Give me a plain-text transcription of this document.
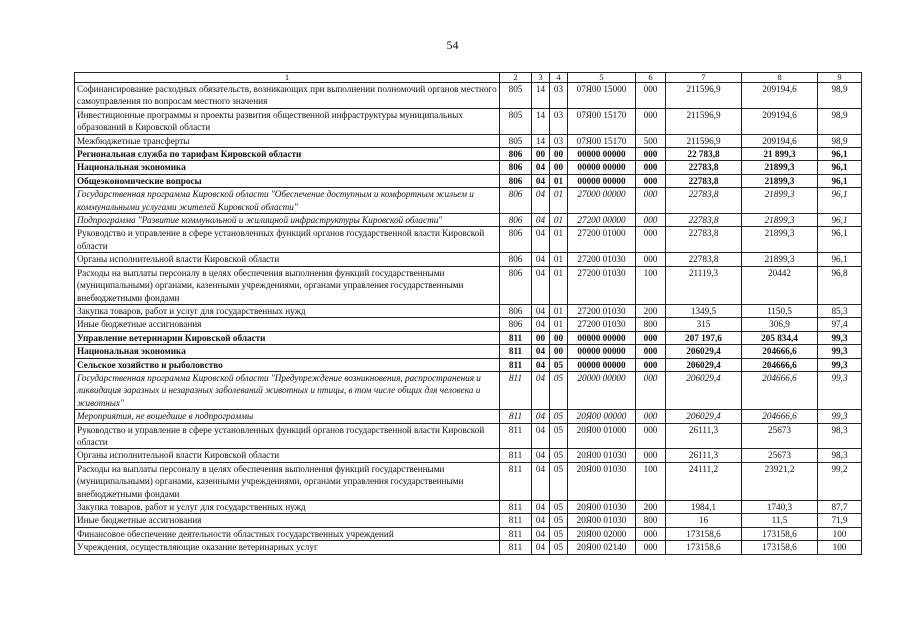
54
1	2	3	4	5	6	7	8	9
Софинансирование расходных обязательств, возникающих при выполнении полномочий органов местного самоуправления по вопросам местного значения	805	14	03	07Я00 15000	000	211596,9	209194,6	98,9
Инвестиционные программы и проекты развития общественной инфраструктуры муниципальных образований в Кировской области	805	14	03	07Я00 15170	000	211596,9	209194,6	98,9
Межбюджетные трансферты	805	14	03	07Я00 15170	500	211596,9	209194,6	98,9
Региональная служба по тарифам Кировской области	806	00	00	00000 00000	000	22 783,8	21 899,3	96,1
Национальная экономика	806	04	00	00000 00000	000	22783,8	21899,3	96,1
Общеэкономические вопросы	806	04	01	00000 00000	000	22783,8	21899,3	96,1
Государственная программа Кировской области "Обеспечение доступным и комфортным жильем и коммунальными услугами жителей Кировской области"	806	04	01	27000 00000	000	22783,8	21899,3	96,1
Подпрограмма "Развитие коммунальной и жилищной инфраструктуры Кировской области"	806	04	01	27200 00000	000	22783,8	21899,3	96,1
Руководство и управление в сфере установленных функций органов государственной власти Кировской области	806	04	01	27200 01000	000	22783,8	21899,3	96,1
Органы исполнительной власти Кировской области	806	04	01	27200 01030	000	22783,8	21899,3	96,1
Расходы на выплаты персоналу в целях обеспечения выполнения функций государственными (муниципальными) органами, казенными учреждениями, органами управления государственными внебюджетными фондами	806	04	01	27200 01030	100	21119,3	20442	96,8
Закупка товаров, работ и услуг для государственных нужд	806	04	01	27200 01030	200	1349,5	1150,5	85,3
Иные бюджетные ассигнования	806	04	01	27200 01030	800	315	306,9	97,4
Управление ветеринарии Кировской области	811	00	00	00000 00000	000	207 197,6	205 834,4	99,3
Национальная экономика	811	04	00	00000 00000	000	206029,4	204666,6	99,3
Сельское хозяйство и рыболовство	811	04	05	00000 00000	000	206029,4	204666,6	99,3
Государственная программа Кировской области "Предупреждение возникновения, распространения и ликвидация заразных и незаразных заболеваний животных и птицы, в том числе общих для человека и животных"	811	04	05	20000 00000	000	206029,4	204666,6	99,3
Мероприятия, не вошедшие в подпрограммы	811	04	05	20Я00 00000	000	206029,4	204666,6	99,3
Руководство и управление в сфере установленных функций органов государственной власти Кировской области	811	04	05	20Я00 01000	000	26111,3	25673	98,3
Органы исполнительной власти Кировской области	811	04	05	20Я00 01030	000	26111,3	25673	98,3
Расходы на выплаты персоналу в целях обеспечения выполнения функций государственными (муниципальными) органами, казенными учреждениями, органами управления государственными внебюджетными фондами	811	04	05	20Я00 01030	100	24111,2	23921,2	99,2
Закупка товаров, работ и услуг для государственных нужд	811	04	05	20Я00 01030	200	1984,1	1740,3	87,7
Иные бюджетные ассигнования	811	04	05	20Я00 01030	800	16	11,5	71,9
Финансовое обеспечение деятельности областных государственных учреждений	811	04	05	20Я00 02000	000	173158,6	173158,6	100
Учреждения, осуществляющие оказание ветеринарных услуг	811	04	05	20Я00 02140	000	173158,6	173158,6	100
